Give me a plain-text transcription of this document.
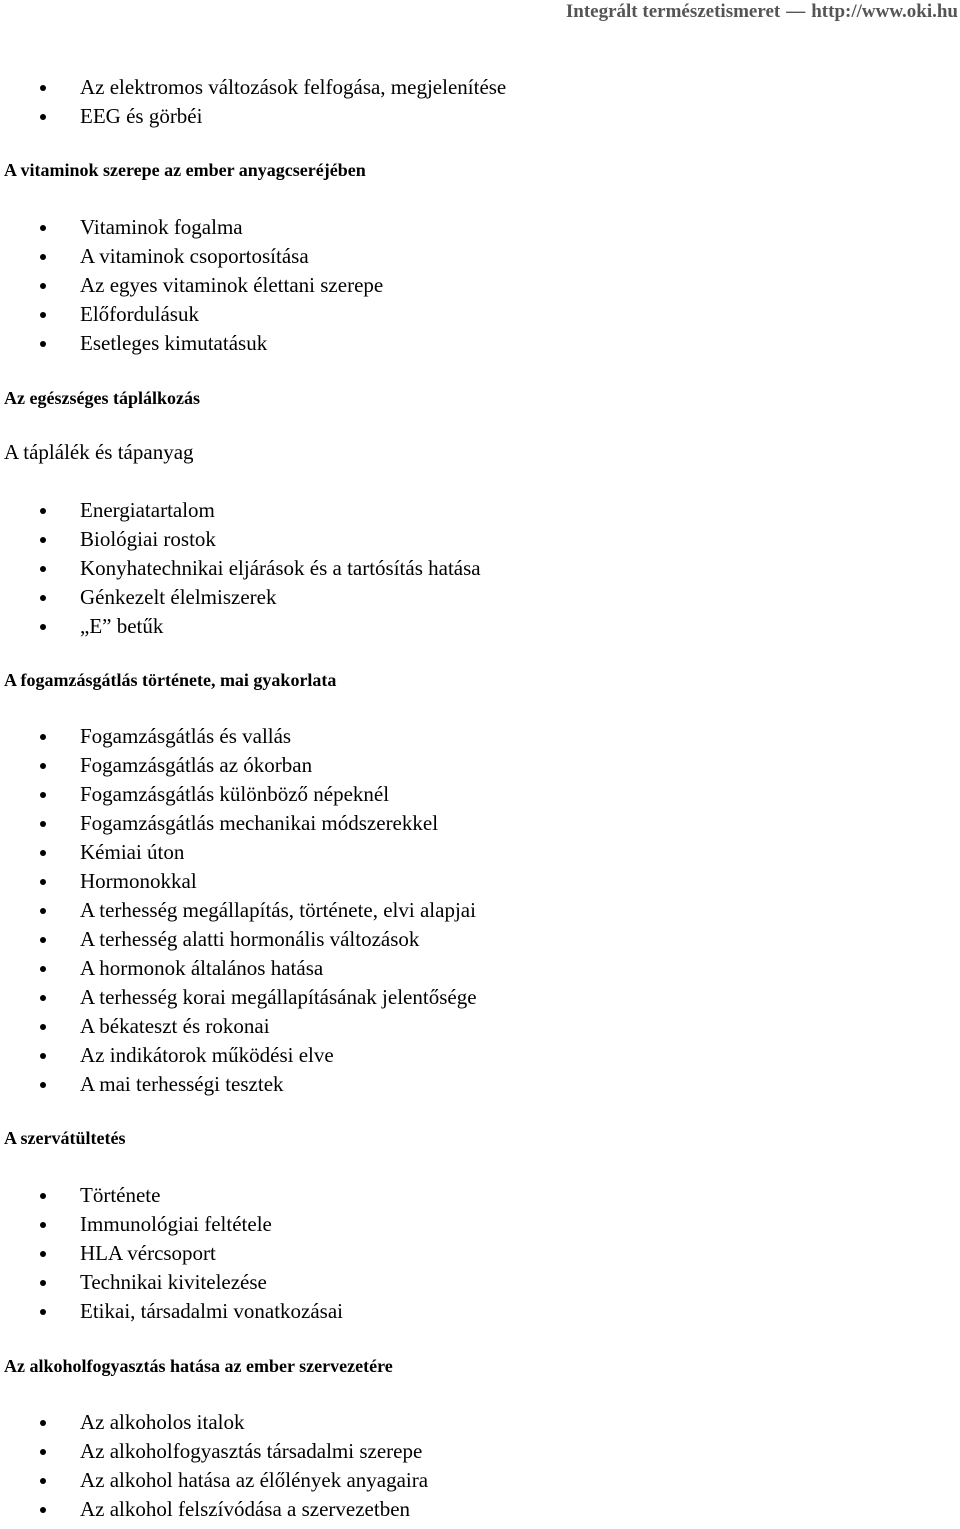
Integrált természetismeret — http://www.oki.hu
Az elektromos változások felfogása, megjelenítése
EEG és görbéi
A vitaminok szerepe az ember anyagcseréjében
Vitaminok fogalma
A vitaminok csoportosítása
Az egyes vitaminok élettani szerepe
Előfordulásuk
Esetleges kimutatásuk
Az egészséges táplálkozás
A táplálék és tápanyag
Energiatartalom
Biológiai rostok
Konyhatechnikai eljárások és a tartósítás hatása
Génkezelt élelmiszerek
„E” betűk
A fogamzásgátlás története, mai gyakorlata
Fogamzásgátlás és vallás
Fogamzásgátlás az ókorban
Fogamzásgátlás különböző népeknél
Fogamzásgátlás mechanikai módszerekkel
Kémiai úton
Hormonokkal
A terhesség megállapítás, története, elvi alapjai
A terhesség alatti hormonális változások
A hormonok általános hatása
A terhesség korai megállapításának jelentősége
A békateszt és rokonai
Az indikátorok működési elve
A mai terhességi tesztek
A szervátültetés
Története
Immunológiai feltétele
HLA vércsoport
Technikai kivitelezése
Etikai, társadalmi vonatkozásai
Az alkoholfogyasztás hatása az ember szervezetére
Az alkoholos italok
Az alkoholfogyasztás társadalmi szerepe
Az alkohol hatása az élőlények anyagaira
Az alkohol felszívódása a szervezetben
